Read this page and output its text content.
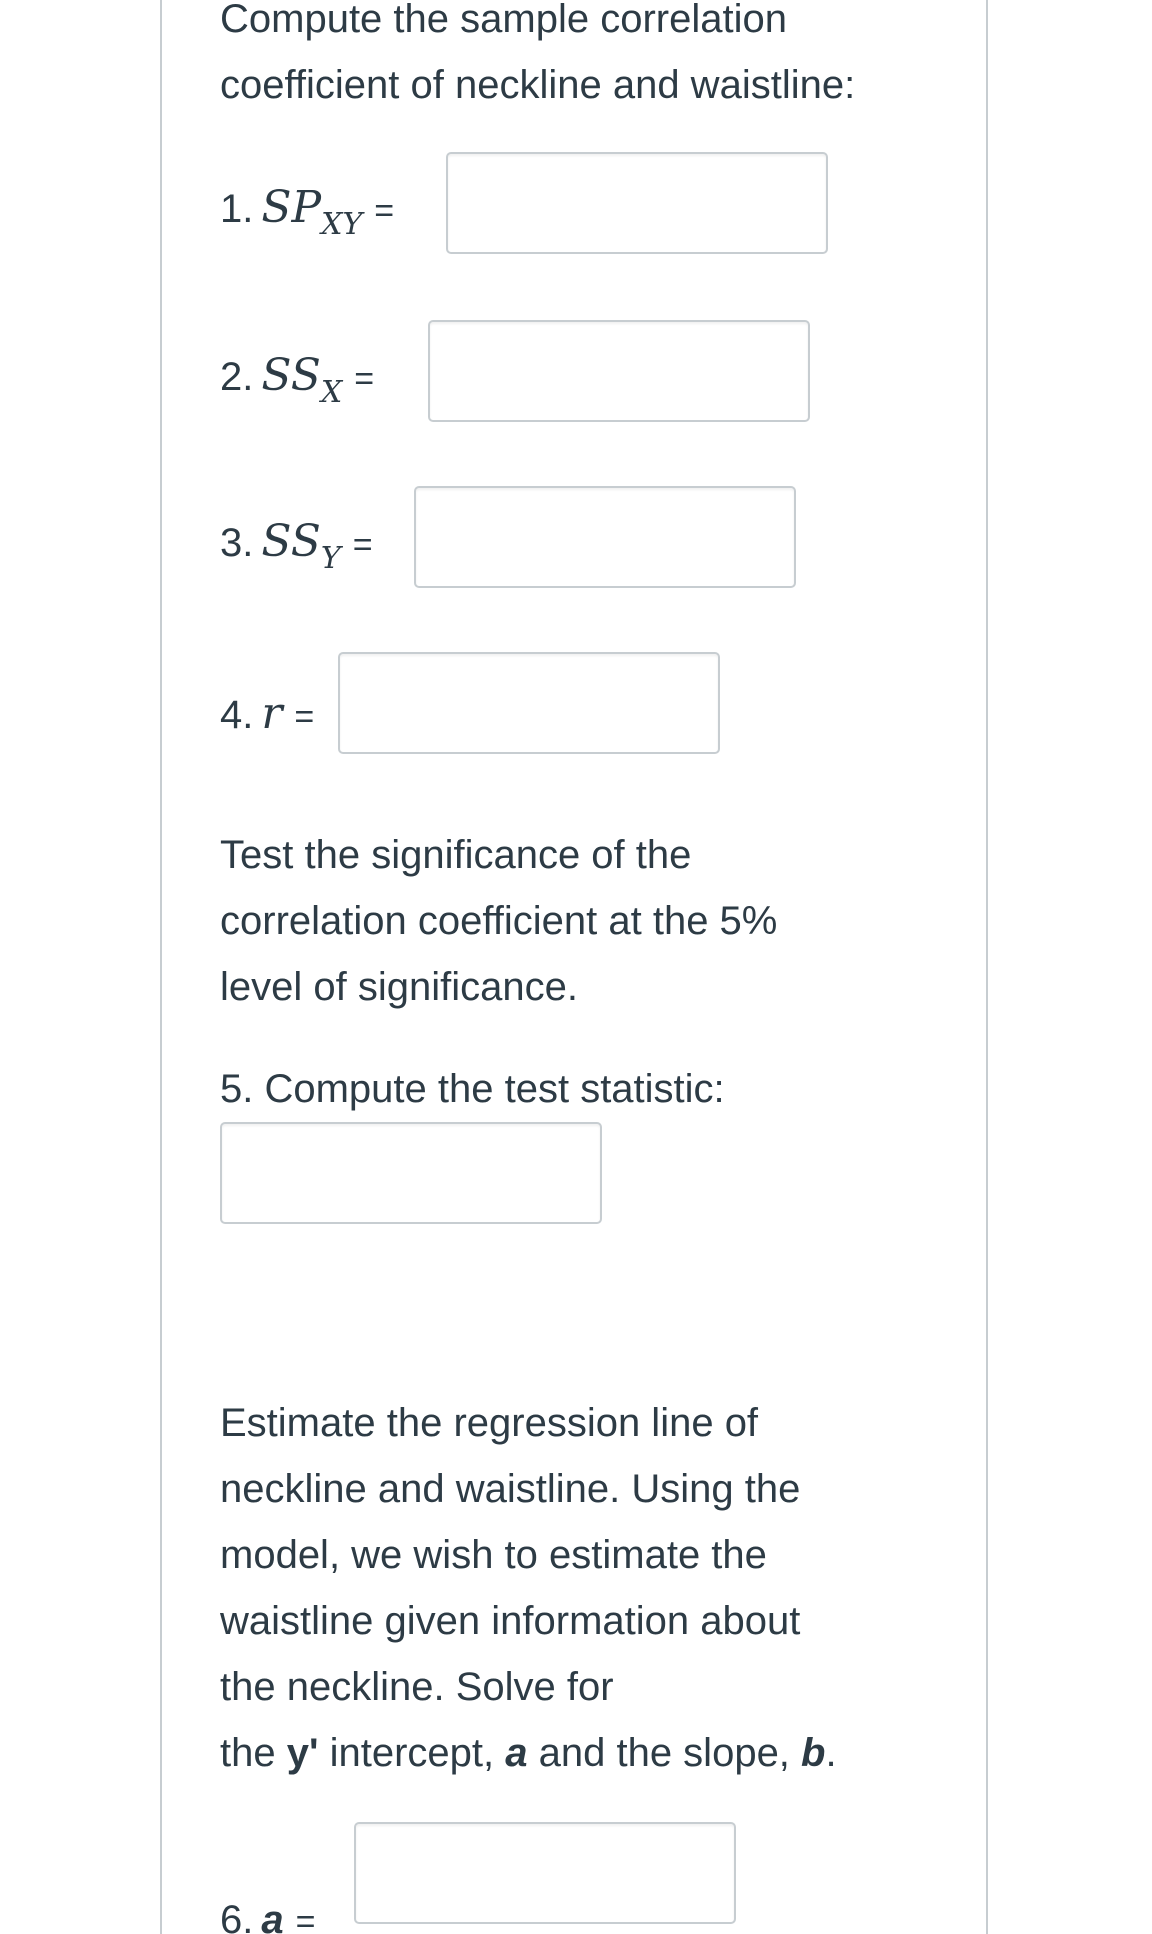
Compute the sample correlation
coefficient of neckline and waistline:
1. $SP_{XY}$ =
2. $SS_X$ =
3. $SS_Y$ =
4. r =
Test the significance of the
correlation coefficient at the 5%
level of significance.
5. Compute the test statistic:
Estimate the regression line of
neckline and waistline. Using the
model, we wish to estimate the
waistline given information about
the neckline. Solve for
the y' intercept, a and the slope, b.
6. a =
